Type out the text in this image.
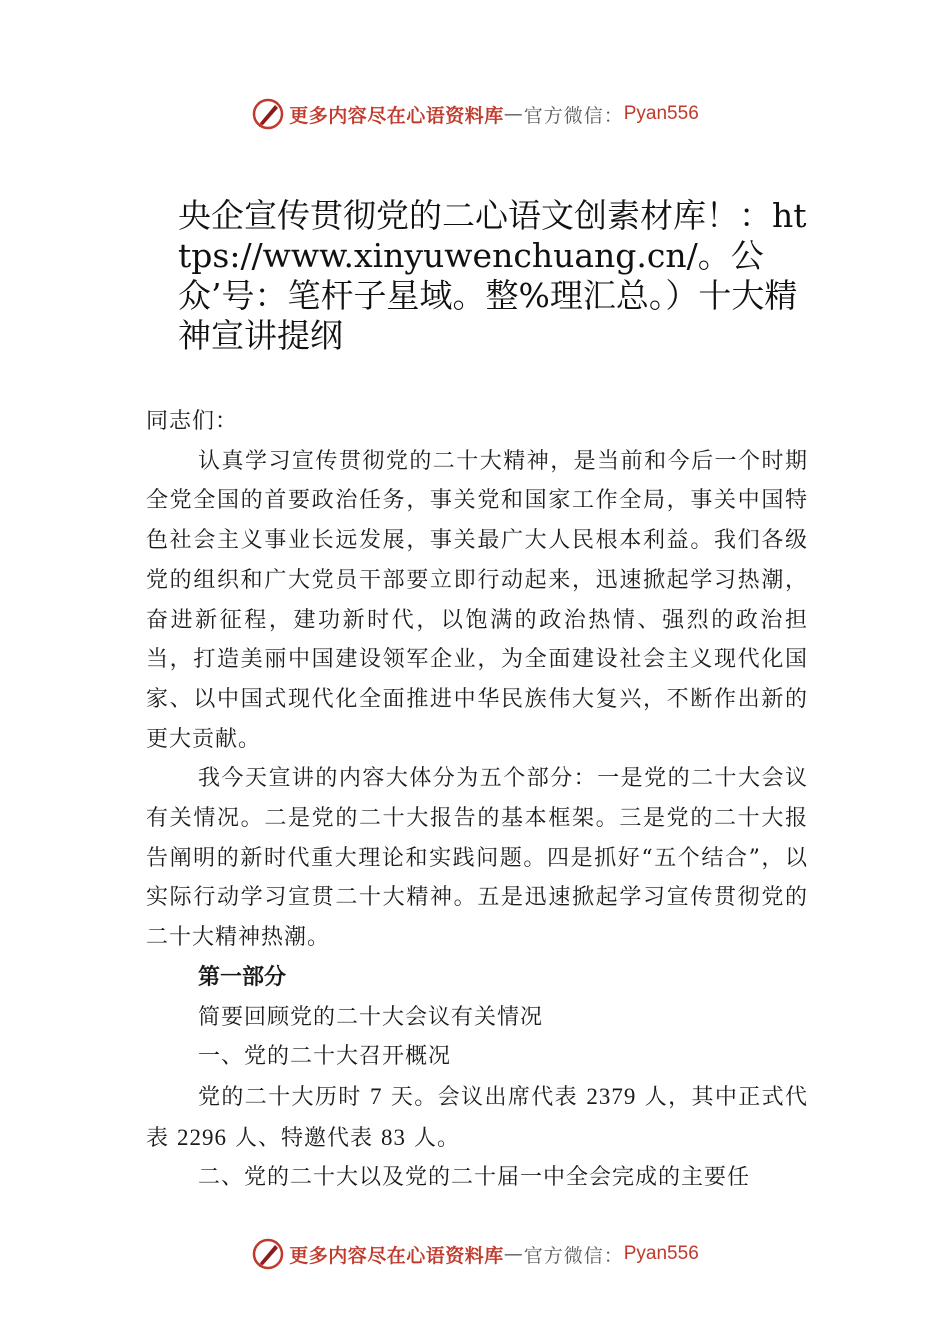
更多内容尽在心语资料库 — 官方微信： Pyan556
央企宣传贯彻党的二心语文创素材库！：https://www.xinyuwenchuang.cn/。公众’号：笔杆子星域。整%理汇总。）十大精神宣讲提纲

同志们：

认真学习宣传贯彻党的二十大精神，是当前和今后一个时期全党全国的首要政治任务，事关党和国家工作全局，事关中国特色社会主义事业长远发展，事关最广大人民根本利益。我们各级党的组织和广大党员干部要立即行动起来，迅速掀起学习热潮，奋进新征程，建功新时代，以饱满的政治热情、强烈的政治担当，打造美丽中国建设领军企业，为全面建设社会主义现代化国家、以中国式现代化全面推进中华民族伟大复兴，不断作出新的更大贡献。

我今天宣讲的内容大体分为五个部分：一是党的二十大会议有关情况。二是党的二十大报告的基本框架。三是党的二十大报告阐明的新时代重大理论和实践问题。四是抓好“五个结合”，以实际行动学习宣贯二十大精神。五是迅速掀起学习宣传贯彻党的二十大精神热潮。

第一部分

简要回顾党的二十大会议有关情况

一、党的二十大召开概况

党的二十大历时 7 天。会议出席代表 2379 人，其中正式代表 2296 人、特邀代表 83 人。

二、党的二十大以及党的二十届一中全会完成的主要任

更多内容尽在心语资料库 — 官方微信： Pyan556
